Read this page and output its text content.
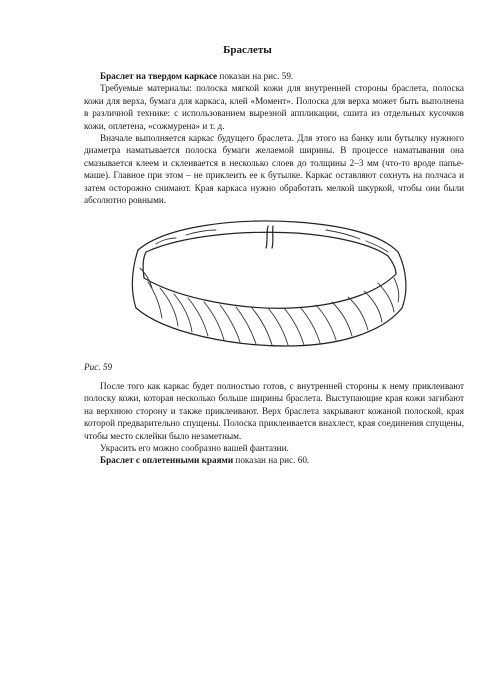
Браслеты

Браслет на твердом каркасе показан на рис. 59.

Требуемые материалы: полоска мягкой кожи для внутренней стороны браслета, полоска кожи для верха, бумага для каркаса, клей «Момент». Полоска для верха может быть выполнена в различной технике: с использованием вырезной аппликации, сшита из отдельных кусочков кожи, оплетена, «сожмурена» и т. д.

Вначале выполняется каркас будущего браслета. Для этого на банку или бутылку нужного диаметра наматывается полоска бумаги желаемой ширины. В процессе наматывания она смазывается клеем и склеивается в несколько слоев до толщины 2–3 мм (что-то вроде папье-маше). Главное при этом – не приклеить ее к бутылке. Каркас оставляют сохнуть на полчаса и затем осторожно снимают. Края каркаса нужно обработать мелкой шкуркой, чтобы они были абсолютно ровными.

Рис. 59

После того как каркас будет полностью готов, с внутренней стороны к нему приклеивают полоску кожи, которая несколько больше ширины браслета. Выступающие края кожи загибают на верхнюю сторону и также приклеивают. Верх браслета закрывают кожаной полоской, края которой предварительно спущены. Полоска приклеивается внахлест, края соединения спущены, чтобы место склейки было незаметным.

Украсить его можно сообразно вашей фантазии.

Браслет с оплетенными краями показан на рис. 60.
